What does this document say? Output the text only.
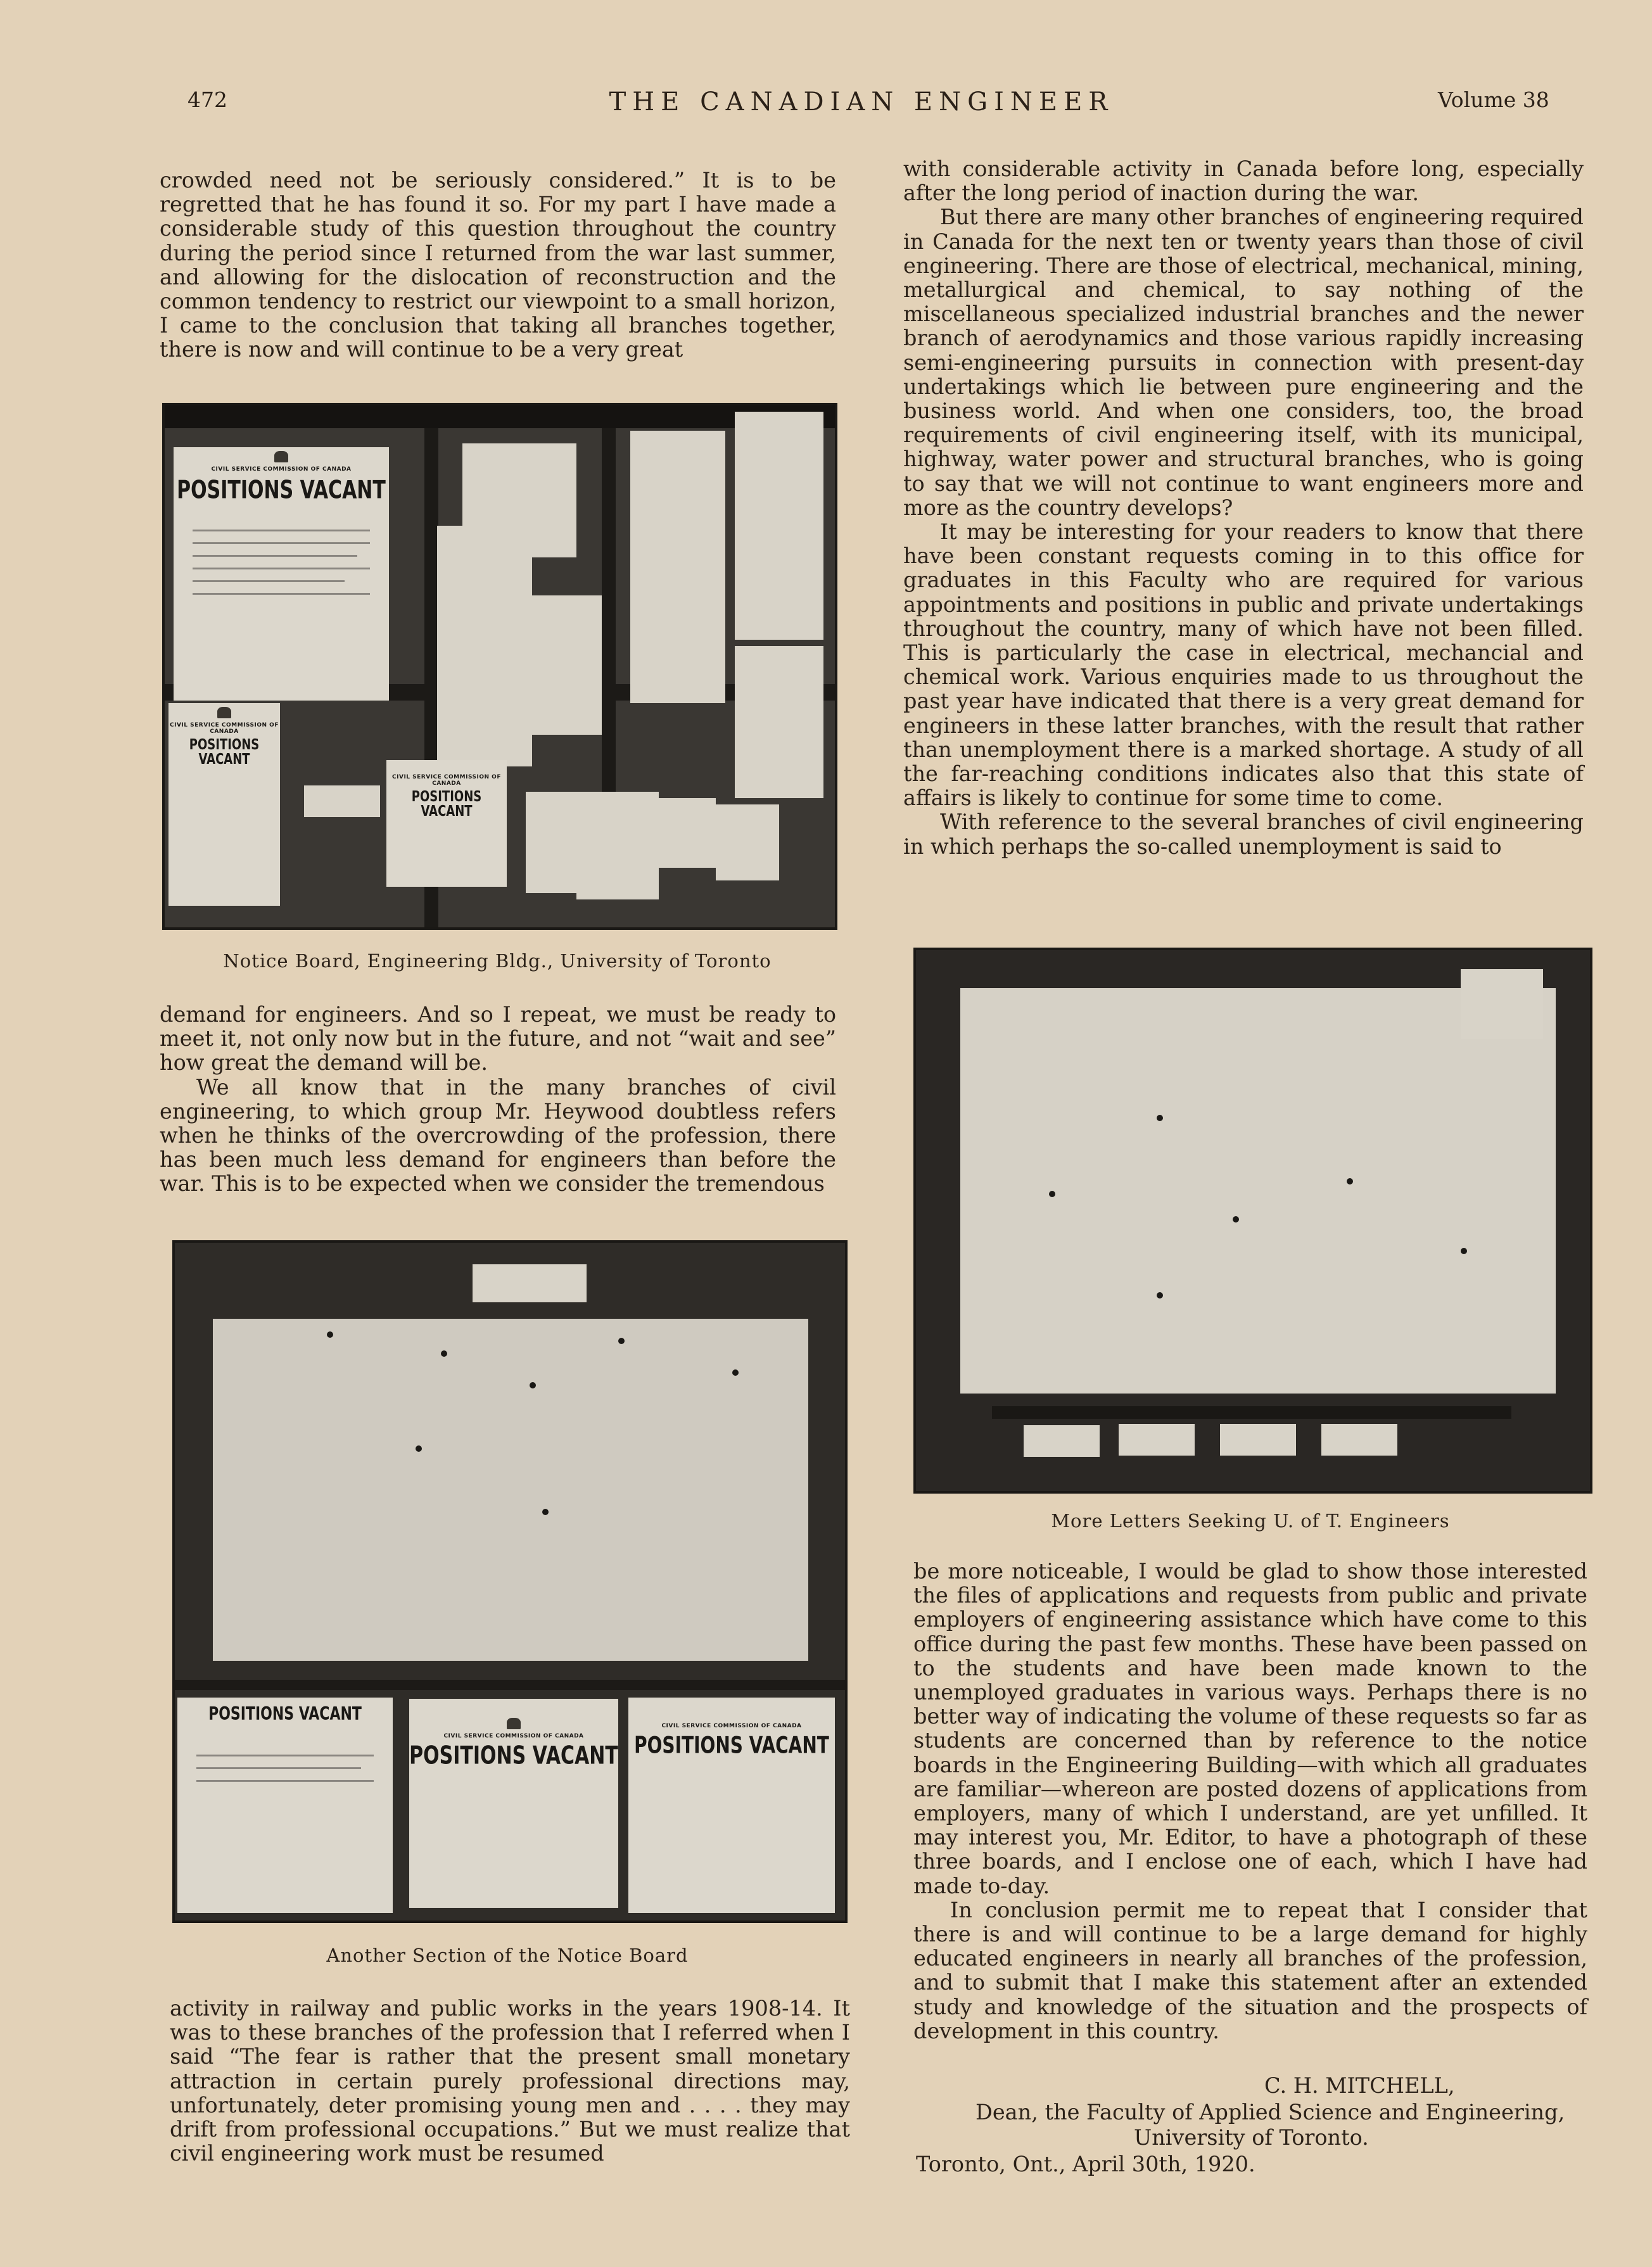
472	THE CANADIAN ENGINEER	Volume 38

crowded need not be seriously considered.” It is to be regretted that he has found it so. For my part I have made a considerable study of this question throughout the country during the period since I returned from the war last summer, and allowing for the dislocation of reconstruction and the common tendency to restrict our viewpoint to a small horizon, I came to the conclusion that taking all branches together, there is now and will continue to be a very great

CIVIL SERVICE COMMISSION OF CANADA
POSITIONS VACANT
CIVIL SERVICE COMMISSION OF CANADA
POSITIONS VACANT
CIVIL SERVICE COMMISSION OF CANADA
POSITIONS VACANT
Notice Board, Engineering Bldg., University of Toronto

demand for engineers. And so I repeat, we must be ready to meet it, not only now but in the future, and not “wait and see” how great the demand will be.

We all know that in the many branches of civil engineering, to which group Mr. Heywood doubtless refers when he thinks of the overcrowding of the profession, there has been much less demand for engineers than before the war. This is to be expected when we consider the tremendous

POSITIONS VACANT
CIVIL SERVICE COMMISSION OF CANADA
POSITIONS VACANT
CIVIL SERVICE COMMISSION OF CANADA
POSITIONS VACANT
Another Section of the Notice Board

activity in railway and public works in the years 1908-14. It was to these branches of the profession that I referred when I said “The fear is rather that the present small monetary attraction in certain purely professional directions may, unfortunately, deter promising young men and . . . . they may drift from professional occupations.” But we must realize that civil engineering work must be resumed

with considerable activity in Canada before long, especially after the long period of inaction during the war.

But there are many other branches of engineering required in Canada for the next ten or twenty years than those of civil engineering. There are those of electrical, mechanical, mining, metallurgical and chemical, to say nothing of the miscellaneous specialized industrial branches and the newer branch of aerodynamics and those various rapidly increasing semi-engineering pursuits in connection with present-day undertakings which lie between pure engineering and the business world. And when one considers, too, the broad requirements of civil engineering itself, with its municipal, highway, water power and structural branches, who is going to say that we will not continue to want engineers more and more as the country develops?

It may be interesting for your readers to know that there have been constant requests coming in to this office for graduates in this Faculty who are required for various appointments and positions in public and private undertakings throughout the country, many of which have not been filled. This is particularly the case in electrical, mechancial and chemical work. Various enquiries made to us throughout the past year have indicated that there is a very great demand for engineers in these latter branches, with the result that rather than unemployment there is a marked shortage. A study of all the far-reaching conditions indicates also that this state of affairs is likely to continue for some time to come.

With reference to the several branches of civil engineering in which perhaps the so-called unemployment is said to

More Letters Seeking U. of T. Engineers

be more noticeable, I would be glad to show those interested the files of applications and requests from public and private employers of engineering assistance which have come to this office during the past few months. These have been passed on to the students and have been made known to the unemployed graduates in various ways. Perhaps there is no better way of indicating the volume of these requests so far as students are concerned than by reference to the notice boards in the Engineering Building—with which all graduates are familiar—whereon are posted dozens of applications from employers, many of which I understand, are yet unfilled. It may interest you, Mr. Editor, to have a photograph of these three boards, and I enclose one of each, which I have had made to-day.

In conclusion permit me to repeat that I consider that there is and will continue to be a large demand for highly educated engineers in nearly all branches of the profession, and to submit that I make this statement after an extended study and knowledge of the situation and the prospects of development in this country.

C. H. MITCHELL,
Dean, the Faculty of Applied Science and Engineering,
University of Toronto.
Toronto, Ont., April 30th, 1920.
